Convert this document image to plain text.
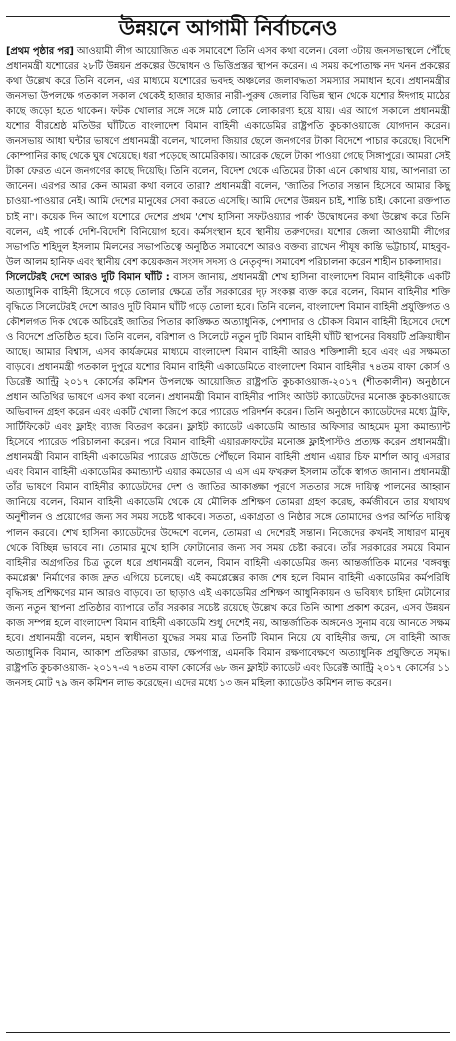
উন্নয়নে আগামী নির্বাচনেও

[প্রথম পৃষ্ঠার পর] আওয়ামী লীগ আয়োজিত এক সমাবেশে তিনি এসব কথা বলেন। বেলা ৩টায় জনসভাস্থলে পৌঁছে প্রধানমন্ত্রী যশোরের ২৮টি উন্নয়ন প্রকল্পের উদ্বোধন ও ভিত্তিপ্রস্তর স্থাপন করেন। এ সময় কপোতাক্ষ নদ খনন প্রকল্পের কথা উল্লেখ করে তিনি বলেন, এর মাধ্যমে যশোরের ভবদহ অঞ্চলের জলাবদ্ধতা সমস্যার সমাধান হবে। প্রধানমন্ত্রীর জনসভা উপলক্ষে গতকাল সকাল থেকেই হাজার হাজার নারী-পুরুষ জেলার বিভিন্ন স্থান থেকে যশোর ঈদগাহ মাঠের কাছে জড়ো হতে থাকেন। ফটক খোলার সঙ্গে সঙ্গে মাঠ লোকে লোকারণ্য হয়ে যায়। এর আগে সকালে প্রধানমন্ত্রী যশোর বীরশ্রেষ্ঠ মতিউর ঘাঁটিতে বাংলাদেশ বিমান বাহিনী একাডেমির রাষ্ট্রপতি কুচকাওয়াজে যোগদান করেন। জনসভায় আধা ঘন্টার ভাষণে প্রধানমন্ত্রী বলেন, খালেদা জিয়ার ছেলে জনগণের টাকা বিদেশে পাচার করেছে। বিদেশি কোম্পানির কাছ থেকে ঘুষ খেয়েছে। ধরা পড়েছে আমেরিকায়। আরেক ছেলে টাকা পাওয়া গেছে সিঙ্গাপুরে। আমরা সেই টাকা ফেরত এনে জনগণের কাছে দিয়েছি। তিনি বলেন, বিদেশ থেকে এতিমের টাকা এনে কোথায় যায়, আপনারা তা জানেন। এরপর আর কেন আমরা কথা বলবে তারা? প্রধানমন্ত্রী বলেন, 'জাতির পিতার সন্তান হিসেবে আমার কিছু চাওয়া-পাওয়ার নেই। আমি দেশের মানুষের সেবা করতে এসেছি। আমি দেশের উন্নয়ন চাই, শান্তি চাই। কোনো রক্তপাত চাই না'। কয়েক দিন আগে যশোরে দেশের প্রথম 'শেখ হাসিনা সফটওয়্যার পার্ক' উদ্বোধনের কথা উল্লেখ করে তিনি বলেন, এই পার্কে দেশি-বিদেশি বিনিয়োগ হবে। কর্মসংস্থান হবে স্থানীয় তরুণদের। যশোর জেলা আওয়ামী লীগের সভাপতি শহিদুল ইসলাম মিলনের সভাপতিত্বে অনুষ্ঠিত সমাবেশে আরও বক্তব্য রাখেন পীযূষ কান্তি ভট্টাচার্য, মাহবুব-উল আলম হানিফ এবং স্থানীয় বেশ কয়েকজন সংসদ সদস্য ও নেতৃবৃন্দ। সমাবেশ পরিচালনা করেন শাহীন চাকলাদার।

সিলেটেরই দেশে আরও দুটি বিমান ঘাঁটি : বাসস জানায়, প্রধানমন্ত্রী শেখ হাসিনা বাংলাদেশ বিমান বাহিনীকে একটি অত্যাধুনিক বাহিনী হিসেবে গড়ে তোলার ক্ষেত্রে তাঁর সরকারের দৃঢ় সংকল্প ব্যক্ত করে বলেন, বিমান বাহিনীর শক্তি বৃদ্ধিতে সিলেটেরই দেশে আরও দুটি বিমান ঘাঁটি গড়ে তোলা হবে। তিনি বলেন, বাংলাদেশ বিমান বাহিনী প্রযুক্তিগত ও কৌশলগত দিক থেকে অচিরেই জাতির পিতার কাঙ্ক্ষিত অত্যাধুনিক, পেশাদার ও চৌকস বিমান বাহিনী হিসেবে দেশে ও বিদেশে প্রতিষ্ঠিত হবে। তিনি বলেন, বরিশাল ও সিলেটে নতুন দুটি বিমান বাহিনী ঘাঁটি স্থাপনের বিষয়টি প্রক্রিয়াধীন আছে। আমার বিশ্বাস, এসব কার্যক্রমের মাধ্যমে বাংলাদেশ বিমান বাহিনী আরও শক্তিশালী হবে এবং এর সক্ষমতা বাড়বে। প্রধানমন্ত্রী গতকাল দুপুরে যশোর বিমান বাহিনী একাডেমিতে বাংলাদেশ বিমান বাহিনীর ৭৪তম বাফা কোর্স ও ডিরেক্ট আন্ট্রি ২০১৭ কোর্সের কমিশন উপলক্ষে আয়োজিত রাষ্ট্রপতি কুচকাওয়াজ-২০১৭ (শীতকালীন) অনুষ্ঠানে প্রধান অতিথির ভাষণে এসব কথা বলেন। প্রধানমন্ত্রী বিমান বাহিনীর পাসিং আউট ক্যাডেটদের মনোজ্ঞ কুচকাওয়াজে অভিবাদন গ্রহণ করেন এবং একটি খোলা জিপে করে প্যারেড পরিদর্শন করেন। তিনি অনুষ্ঠানে ক্যাডেটদের মধ্যে ট্রফি, সার্টিফিকেট এবং ফ্লাইং ব্যাজ বিতরণ করেন। ফ্লাইট ক্যাডেট একাডেমি আন্ডার অফিসার আহমেদ মুসা কমান্ড্যান্ট হিসেবে প্যারেড পরিচালনা করেন। পরে বিমান বাহিনী এয়ারক্রাফটের মনোজ্ঞ ফ্লাইপাস্টও প্রত্যক্ষ করেন প্রধানমন্ত্রী। প্রধানমন্ত্রী বিমান বাহিনী একাডেমির প্যারেড গ্রাউন্ডে পৌঁছলে বিমান বাহিনী প্রধান এয়ার চিফ মার্শাল আবু এসরার এবং বিমান বাহিনী একাডেমির কমান্ড্যান্ট এয়ার কমডোর এ এস এম ফখরুল ইসলাম তাঁকে স্বাগত জানান। প্রধানমন্ত্রী তাঁর ভাষণে বিমান বাহিনীর ক্যাডেটদের দেশ ও জাতির আকাঙ্ক্ষা পূরণে সততার সঙ্গে দায়িত্ব পালনের আহ্বান জানিয়ে বলেন, বিমান বাহিনী একাডেমি থেকে যে মৌলিক প্রশিক্ষণ তোমরা গ্রহণ করেছ, কর্মজীবনে তার যথাযথ অনুশীলন ও প্রয়োগের জন্য সব সময় সচেষ্ট থাকবে। সততা, একাগ্রতা ও নিষ্ঠার সঙ্গে তোমাদের ওপর অর্পিত দায়িত্ব পালন করবে। শেখ হাসিনা ক্যাডেটদের উদ্দেশে বলেন, তোমরা এ দেশেরই সন্তান। নিজেদের কখনই সাধারণ মানুষ থেকে বিচ্ছিন্ন ভাববে না। তোমার মুখে হাসি ফোটানোর জন্য সব সময় চেষ্টা করবে। তাঁর সরকারের সময়ে বিমান বাহিনীর অগ্রগতির চিত্র তুলে ধরে প্রধানমন্ত্রী বলেন, বিমান বাহিনী একাডেমির জন্য আন্তর্জাতিক মানের 'বঙ্গবন্ধু কমপ্লেক্স' নির্মাণের কাজ দ্রুত এগিয়ে চলেছে। এই কমপ্লেক্সের কাজ শেষ হলে বিমান বাহিনী একাডেমির কর্মপরিধি বৃদ্ধিসহ প্রশিক্ষণের মান আরও বাড়বে। তা ছাড়াও এই একাডেমির প্রশিক্ষণ আধুনিকায়ন ও ভবিষ্যৎ চাহিদা মেটানোর জন্য নতুন স্থাপনা প্রতিষ্ঠার ব্যাপারে তাঁর সরকার সচেষ্ট রয়েছে উল্লেখ করে তিনি আশা প্রকাশ করেন, এসব উন্নয়ন কাজ সম্পন্ন হলে বাংলাদেশ বিমান বাহিনী একাডেমি শুধু দেশেই নয়, আন্তর্জাতিক অঙ্গনেও সুনাম বয়ে আনতে সক্ষম হবে। প্রধানমন্ত্রী বলেন, মহান স্বাধীনতা যুদ্ধের সময় মাত্র তিনটি বিমান নিয়ে যে বাহিনীর জন্ম, সে বাহিনী আজ অত্যাধুনিক বিমান, আকাশ প্রতিরক্ষা রাডার, ক্ষেপণাস্ত্র, এমনকি বিমান রক্ষণাবেক্ষণে অত্যাধুনিক প্রযুক্তিতে সমৃদ্ধ। রাষ্ট্রপতি কুচকাওয়াজ- ২০১৭-এ ৭৪তম বাফা কোর্সের ৬৮ জন ফ্লাইট ক্যাডেট এবং ডিরেক্ট আন্ট্রি ২০১৭ কোর্সের ১১ জনসহ মোট ৭৯ জন কমিশন লাভ করেছেন। এদের মধ্যে ১৩ জন মহিলা ক্যাডেটও কমিশন লাভ করেন।
